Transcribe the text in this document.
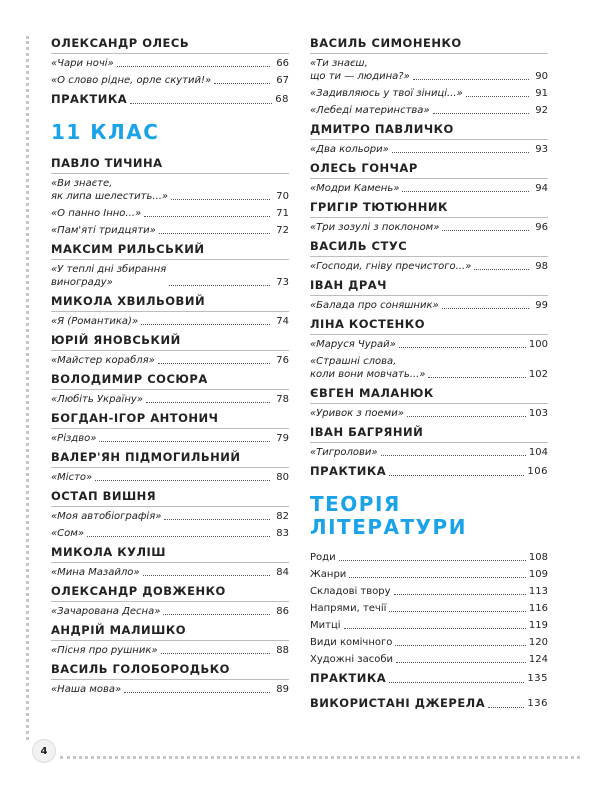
4
ОЛЕКСАНДР ОЛЕСЬ
«Чари ночі»	66
«О слово рідне, орле скутий!»	67
ПРАКТИКА	68
11 КЛАС
ПАВЛО ТИЧИНА
«Ви знаєте,
як липа шелестить...»	70
«О панно Інно...»	71
«Пам'яті тридцяти»	72
МАКСИМ РИЛЬСЬКИЙ
«У теплі дні збирання
винограду»	73
МИКОЛА ХВИЛЬОВИЙ
«Я (Романтика)»	74
ЮРІЙ ЯНОВСЬКИЙ
«Майстер корабля»	76
ВОЛОДИМИР СОСЮРА
«Любіть Україну»	78
БОГДАН-ІГОР АНТОНИЧ
«Різдво»	79
ВАЛЕР'ЯН ПІДМОГИЛЬНИЙ
«Місто»	80
ОСТАП ВИШНЯ
«Моя автобіографія»	82
«Сом»	83
МИКОЛА КУЛІШ
«Мина Мазайло»	84
ОЛЕКСАНДР ДОВЖЕНКО
«Зачарована Десна»	86
АНДРІЙ МАЛИШКО
«Пісня про рушник»	88
ВАСИЛЬ ГОЛОБОРОДЬКО
«Наша мова»	89
ВАСИЛЬ СИМОНЕНКО
«Ти знаєш,
що ти — людина?»	90
«Задивляюсь у твої зіниці...»	91
«Лебеді материнства»	92
ДМИТРО ПАВЛИЧКО
«Два кольори»	93
ОЛЕСЬ ГОНЧАР
«Модри Камень»	94
ГРИГІР ТЮТЮННИК
«Три зозулі з поклоном»	96
ВАСИЛЬ СТУС
«Господи, гніву пречистого...»	98
ІВАН ДРАЧ
«Балада про соняшник»	99
ЛІНА КОСТЕНКО
«Маруся Чурай»	100
«Страшні слова,
коли вони мовчать...»	102
ЄВГЕН МАЛАНЮК
«Уривок з поеми»	103
ІВАН БАГРЯНИЙ
«Тигролови»	104
ПРАКТИКА	106
ТЕОРІЯ
ЛІТЕРАТУРИ
Роди	108
Жанри	109
Складові твору	113
Напрями, течії	116
Митці	119
Види комічного	120
Художні засоби	124
ПРАКТИКА	135
ВИКОРИСТАНІ ДЖЕРЕЛА	136
